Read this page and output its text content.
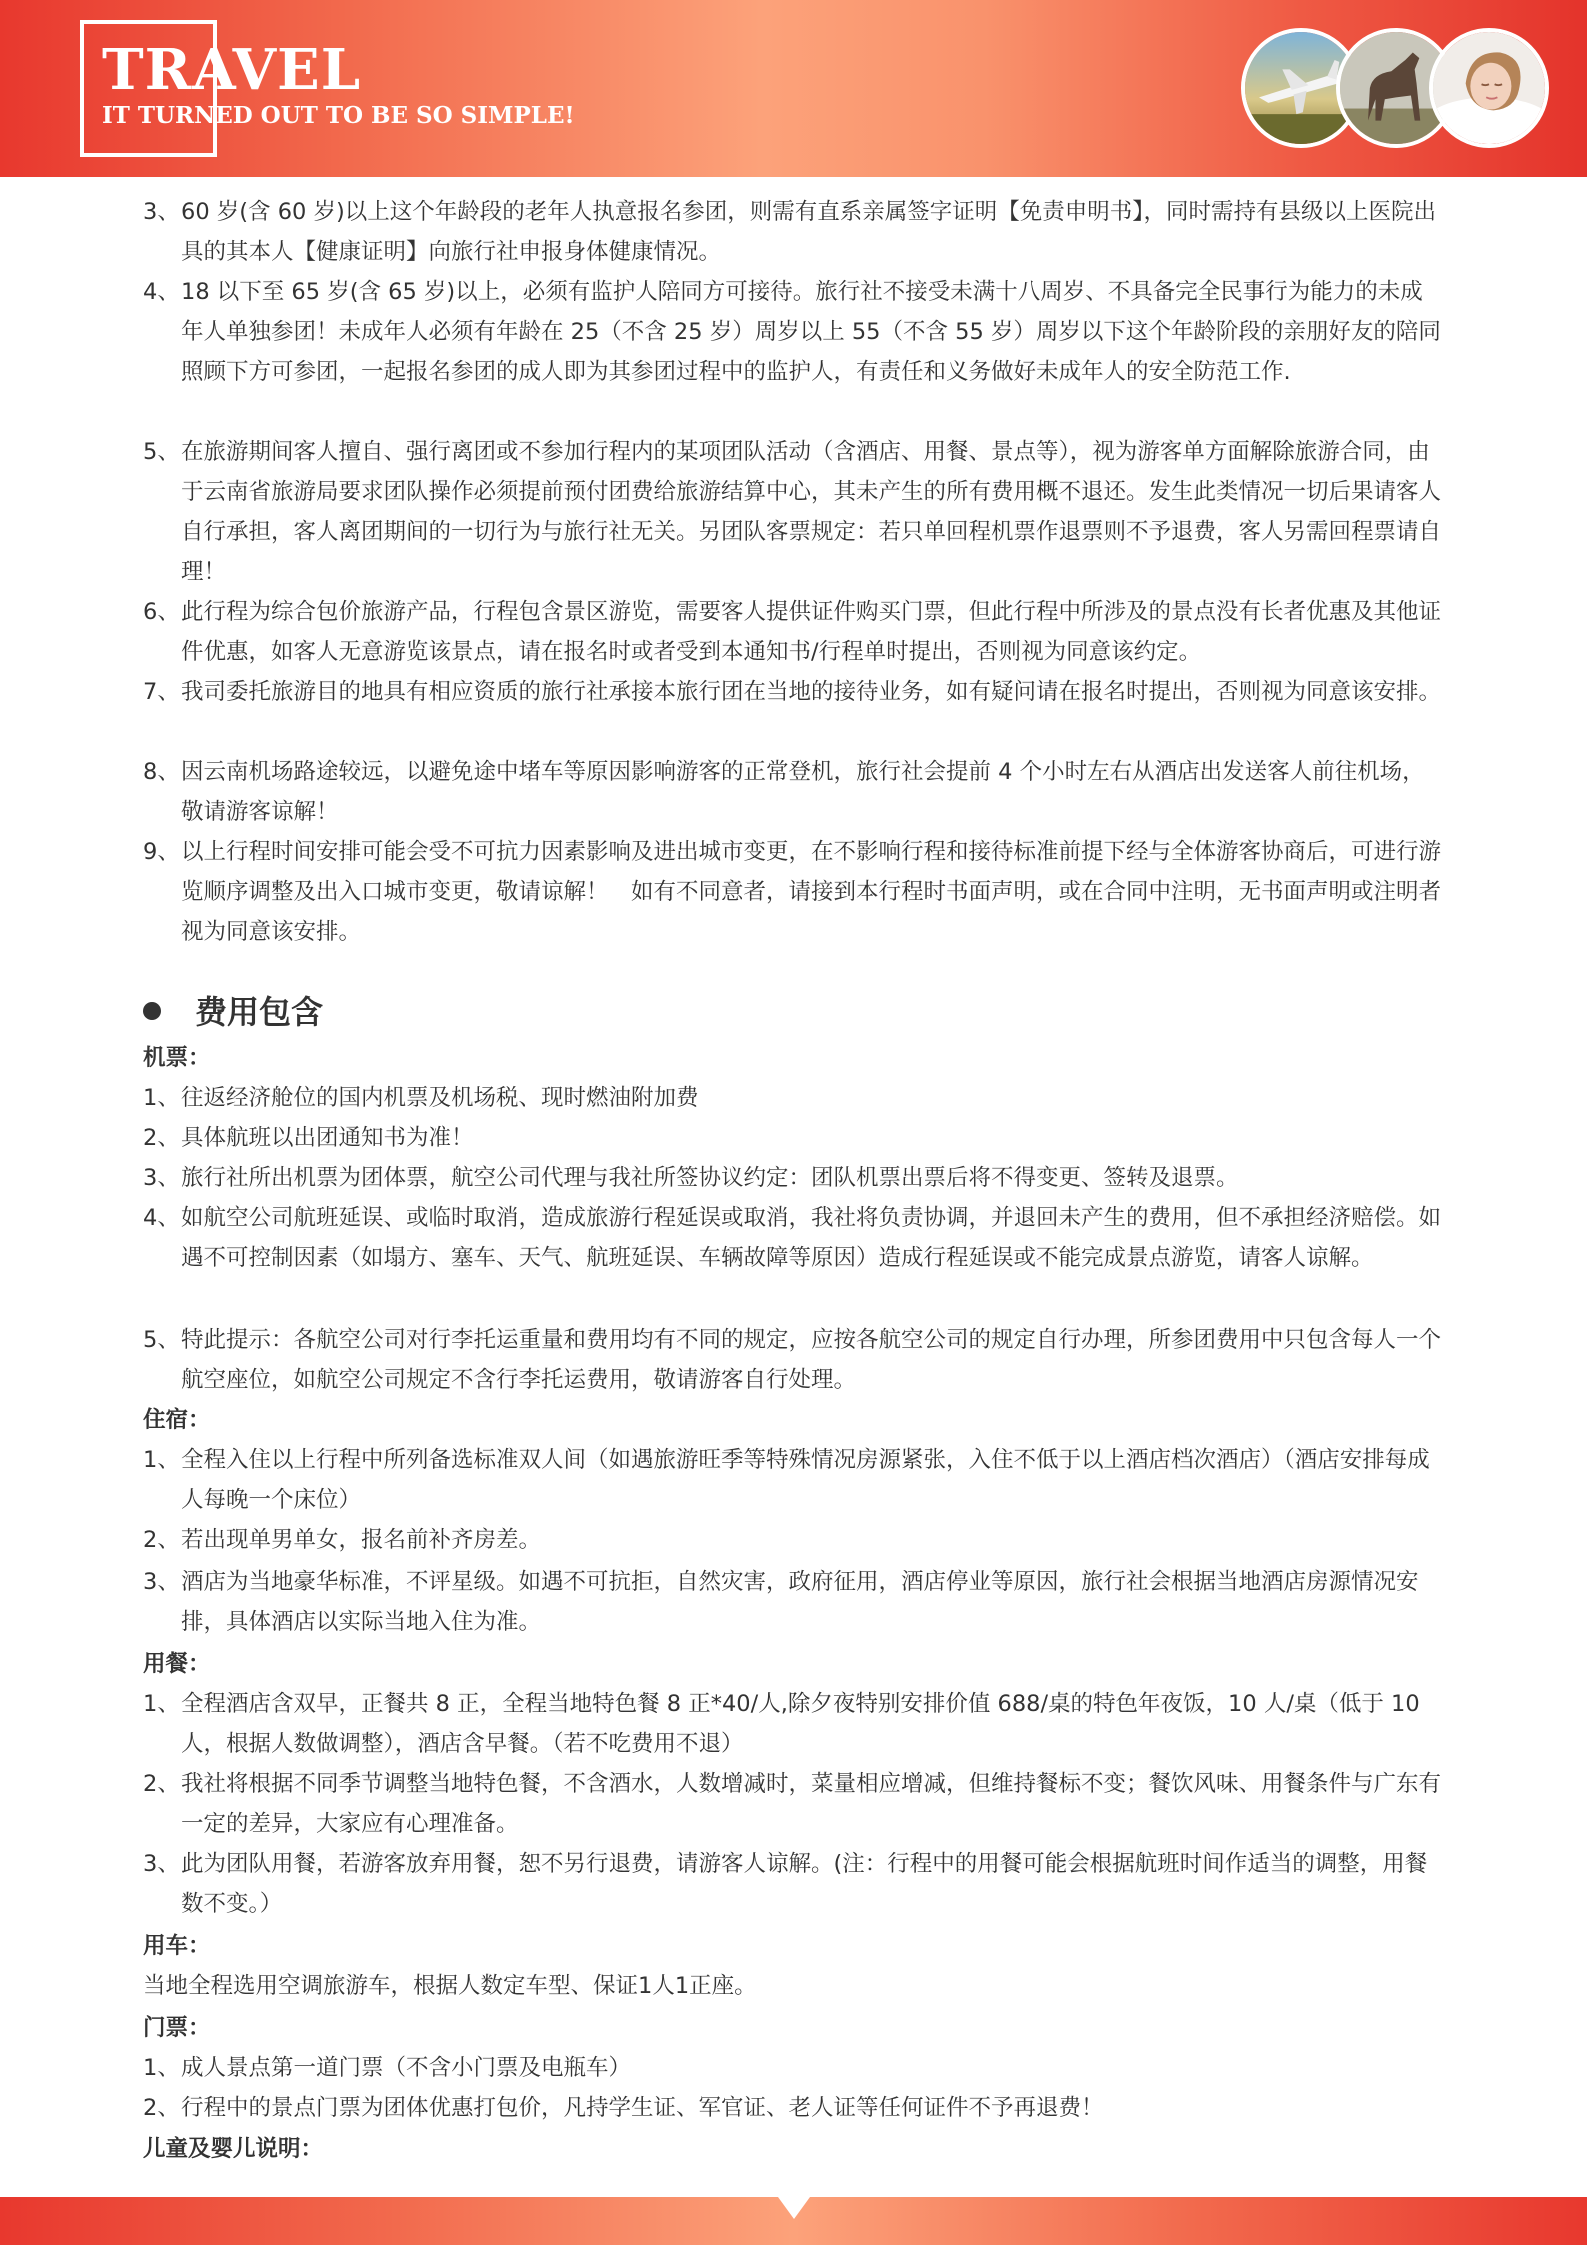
TRAVEL
IT TURNED OUT TO BE SO SIMPLE!
3、 60 岁(含 60 岁)以上这个年龄段的老年人执意报名参团，则需有直系亲属签字证明【免责申明书】，同时需持有县级以上医院出具的其本人【健康证明】向旅行社申报身体健康情况。
4、 18 以下至 65 岁(含 65 岁)以上，必须有监护人陪同方可接待。旅行社不接受未满十八周岁、不具备完全民事行为能力的未成年人单独参团！未成年人必须有年龄在 25（不含 25 岁）周岁以上 55（不含 55 岁）周岁以下这个年龄阶段的亲朋好友的陪同照顾下方可参团，一起报名参团的成人即为其参团过程中的监护人，有责任和义务做好未成年人的安全防范工作.
5、 在旅游期间客人擅自、强行离团或不参加行程内的某项团队活动（含酒店、用餐、景点等），视为游客单方面解除旅游合同，由于云南省旅游局要求团队操作必须提前预付团费给旅游结算中心，其未产生的所有费用概不退还。发生此类情况一切后果请客人自行承担，客人离团期间的一切行为与旅行社无关。另团队客票规定：若只单回程机票作退票则不予退费，客人另需回程票请自理！
6、 此行程为综合包价旅游产品，行程包含景区游览，需要客人提供证件购买门票，但此行程中所涉及的景点没有长者优惠及其他证件优惠，如客人无意游览该景点，请在报名时或者受到本通知书/行程单时提出，否则视为同意该约定。
7、 我司委托旅游目的地具有相应资质的旅行社承接本旅行团在当地的接待业务，如有疑问请在报名时提出，否则视为同意该安排。
8、 因云南机场路途较远，以避免途中堵车等原因影响游客的正常登机，旅行社会提前 4 个小时左右从酒店出发送客人前往机场，敬请游客谅解！
9、 以上行程时间安排可能会受不可抗力因素影响及进出城市变更，在不影响行程和接待标准前提下经与全体游客协商后，可进行游览顺序调整及出入口城市变更，敬请谅解！　如有不同意者，请接到本行程时书面声明，或在合同中注明，无书面声明或注明者视为同意该安排。
费用包含
机票：
1、 往返经济舱位的国内机票及机场税、现时燃油附加费
2、 具体航班以出团通知书为准！
3、 旅行社所出机票为团体票，航空公司代理与我社所签协议约定：团队机票出票后将不得变更、签转及退票。
4、 如航空公司航班延误、或临时取消，造成旅游行程延误或取消，我社将负责协调，并退回未产生的费用，但不承担经济赔偿。如遇不可控制因素（如塌方、塞车、天气、航班延误、车辆故障等原因）造成行程延误或不能完成景点游览，请客人谅解。
5、 特此提示：各航空公司对行李托运重量和费用均有不同的规定，应按各航空公司的规定自行办理，所参团费用中只包含每人一个航空座位，如航空公司规定不含行李托运费用，敬请游客自行处理。
住宿：
1、 全程入住以上行程中所列备选标准双人间（如遇旅游旺季等特殊情况房源紧张，入住不低于以上酒店档次酒店）（酒店安排每成人每晚一个床位）
2、 若出现单男单女，报名前补齐房差。
3、 酒店为当地豪华标准，不评星级。如遇不可抗拒，自然灾害，政府征用，酒店停业等原因，旅行社会根据当地酒店房源情况安排，具体酒店以实际当地入住为准。
用餐：
1、 全程酒店含双早，正餐共 8 正，全程当地特色餐 8 正*40/人,除夕夜特别安排价值 688/桌的特色年夜饭，10 人/桌（低于 10 人，根据人数做调整），酒店含早餐。（若不吃费用不退）
2、 我社将根据不同季节调整当地特色餐，不含酒水，人数增减时，菜量相应增减，但维持餐标不变；餐饮风味、用餐条件与广东有一定的差异，大家应有心理准备。
3、 此为团队用餐，若游客放弃用餐，恕不另行退费，请游客人谅解。(注：行程中的用餐可能会根据航班时间作适当的调整，用餐数不变。）
用车：
当地全程选用空调旅游车，根据人数定车型、保证1人1正座。
门票：
1、 成人景点第一道门票（不含小门票及电瓶车）
2、 行程中的景点门票为团体优惠打包价，凡持学生证、军官证、老人证等任何证件不予再退费！
儿童及婴儿说明：
